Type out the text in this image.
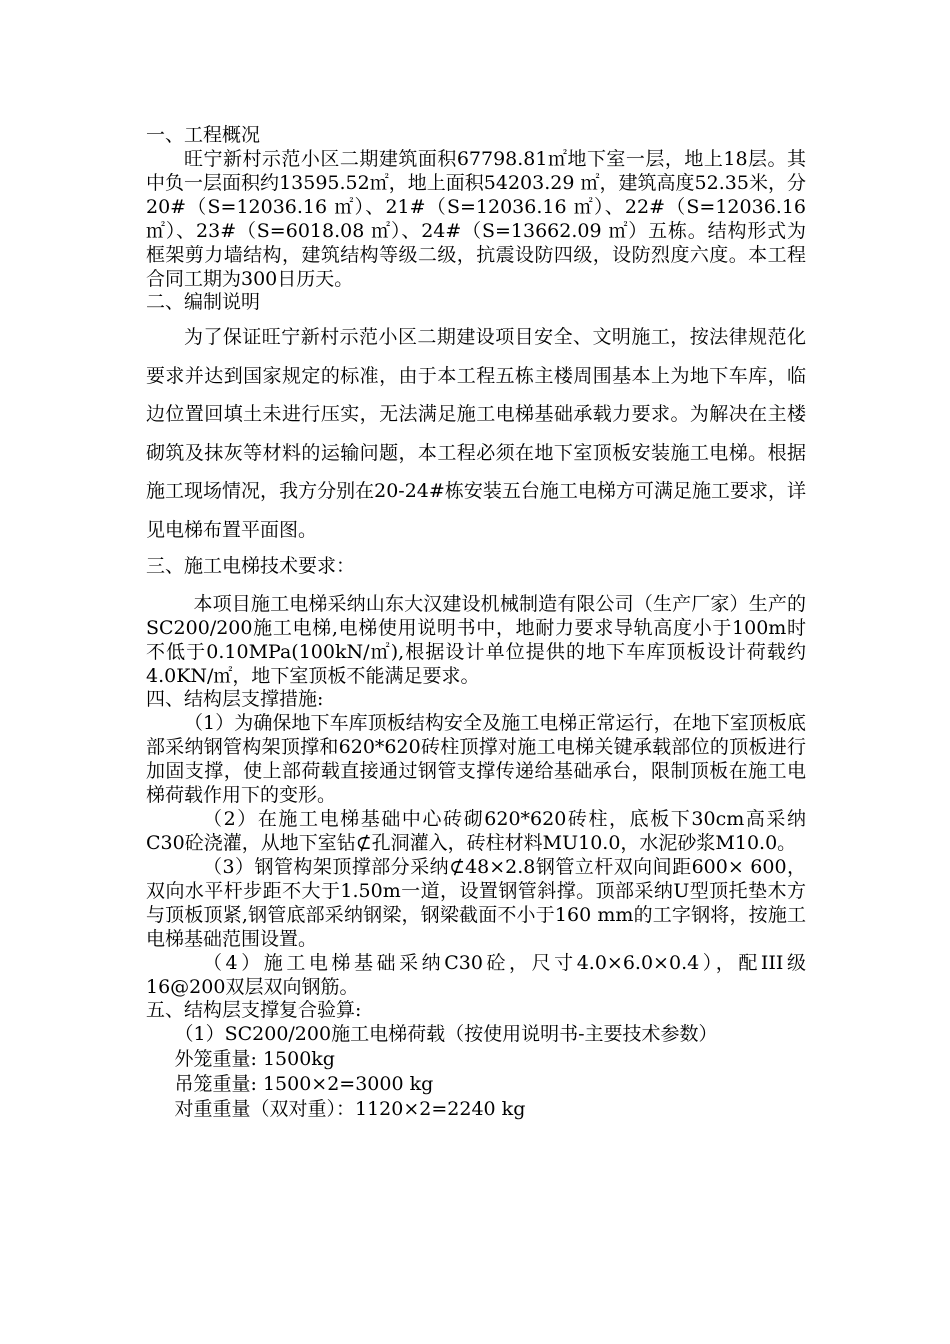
一、工程概况

旺宁新村示范小区二期建筑面积67798.81㎡地下室一层，地上18层。其中负一层面积约13595.52㎡，地上面积54203.29 ㎡，建筑高度52.35米，分20#（S=12036.16 ㎡）、21#（S=12036.16 ㎡）、22#（S=12036.16 ㎡）、23#（S=6018.08 ㎡）、24#（S=13662.09 ㎡）五栋。结构形式为框架剪力墙结构，建筑结构等级二级，抗震设防四级，设防烈度六度。本工程合同工期为300日历天。

二、编制说明

为了保证旺宁新村示范小区二期建设项目安全、文明施工，按法律规范化要求并达到国家规定的标准，由于本工程五栋主楼周围基本上为地下车库，临边位置回填土未进行压实，无法满足施工电梯基础承载力要求。为解决在主楼砌筑及抹灰等材料的运输问题，本工程必须在地下室顶板安装施工电梯。根据施工现场情况，我方分别在20-24#栋安装五台施工电梯方可满足施工要求，详见电梯布置平面图。

三、施工电梯技术要求：

本项目施工电梯采纳山东大汉建设机械制造有限公司（生产厂家）生产的SC200/200施工电梯,电梯使用说明书中，地耐力要求导轨高度小于100m时不低于0.10MPa(100kN/㎡),根据设计单位提供的地下车库顶板设计荷载约4.0KN/㎡，地下室顶板不能满足要求。

四、结构层支撑措施:

（1）为确保地下车库顶板结构安全及施工电梯正常运行，在地下室顶板底部采纳钢管构架顶撑和620*620砖柱顶撑对施工电梯关键承载部位的顶板进行加固支撑，使上部荷载直接通过钢管支撑传递给基础承台，限制顶板在施工电梯荷载作用下的变形。

（2）在施工电梯基础中心砖砌620*620砖柱，底板下30cm高采纳C30砼浇灌，从地下室钻⊄孔洞灌入，砖柱材料MU10.0，水泥砂浆M10.0。

（3）钢管构架顶撑部分采纳⊄48×2.8钢管立杆双向间距600× 600，双向水平杆步距不大于1.50m一道，设置钢管斜撑。顶部采纳U型顶托垫木方与顶板顶紧,钢管底部采纳钢梁，钢梁截面不小于160 mm的工字钢将，按施工电梯基础范围设置。

（4）施工电梯基础采纳C30砼，尺寸4.0×6.0×0.4），配III级16@200双层双向钢筋。

五、结构层支撑复合验算:

（1）SC200/200施工电梯荷载（按使用说明书-主要技术参数）

外笼重量: 1500kg

吊笼重量: 1500×2=3000 kg

对重重量（双对重）：1120×2=2240 kg
